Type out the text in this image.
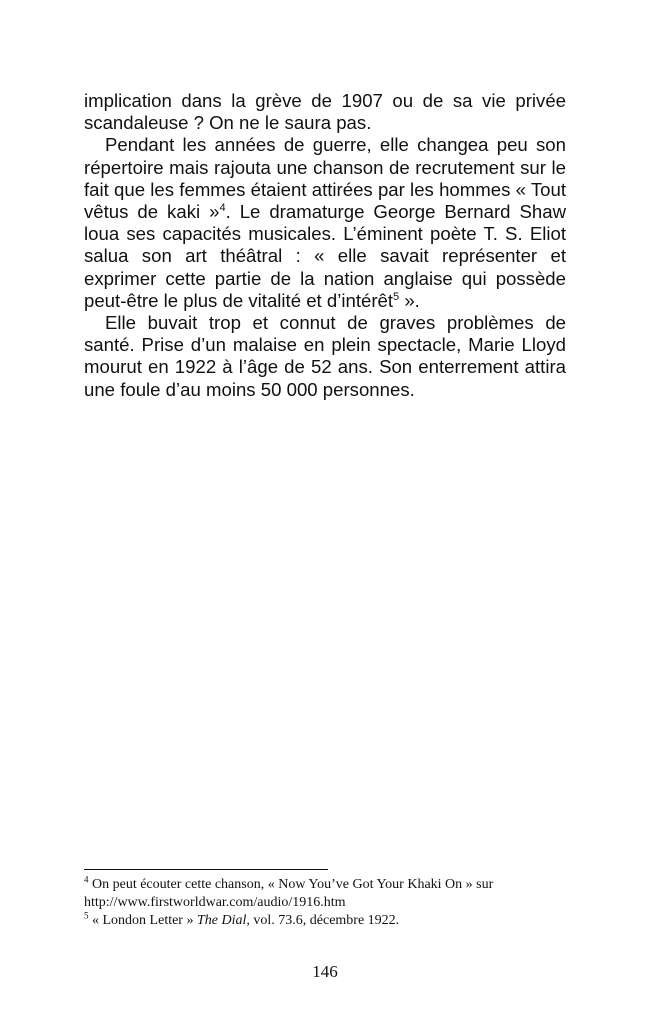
implication dans la grève de 1907 ou de sa vie privée scandaleuse ? On ne le saura pas.

Pendant les années de guerre, elle changea peu son répertoire mais rajouta une chanson de recrutement sur le fait que les femmes étaient attirées par les hommes « Tout vêtus de kaki »$^4$. Le dramaturge George Bernard Shaw loua ses capacités musicales. L’éminent poète T. S. Eliot salua son art théâtral : « elle savait représenter et exprimer cette partie de la nation anglaise qui possède peut-être le plus de vitalité et d’intérêt$^5$ ».

Elle buvait trop et connut de graves problèmes de santé. Prise d’un malaise en plein spectacle, Marie Lloyd mourut en 1922 à l’âge de 52 ans. Son enterrement attira une foule d’au moins 50 000 personnes.

$^4$ On peut écouter cette chanson, « Now You’ve Got Your Khaki On » sur http://www.firstworldwar.com/audio/1916.htm

$^5$ « London Letter » The Dial, vol. 73.6, décembre 1922.

146
